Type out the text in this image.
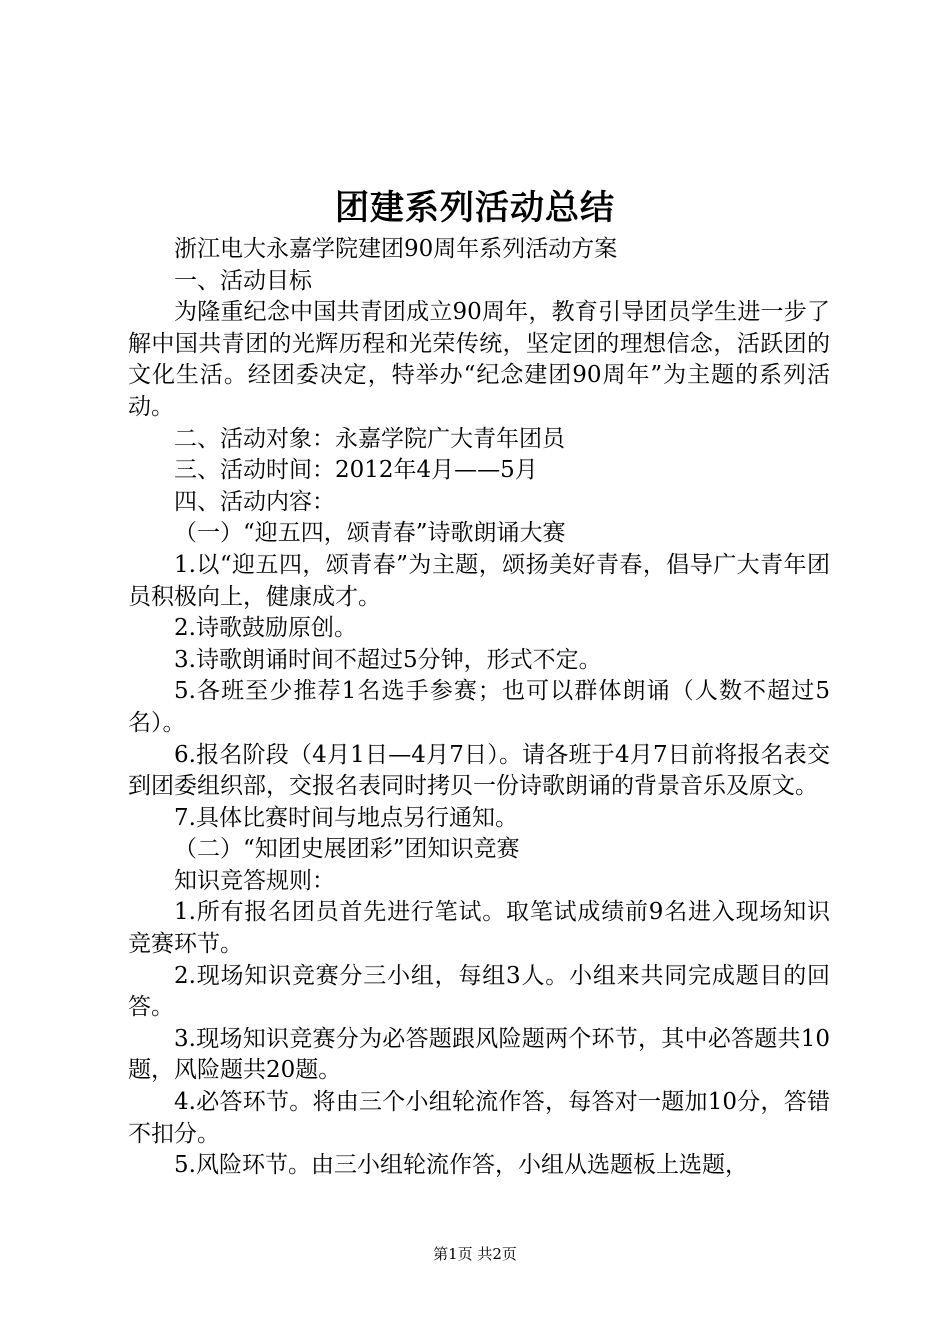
团建系列活动总结

浙江电大永嘉学院建团90周年系列活动方案

一、活动目标

为隆重纪念中国共青团成立90周年，教育引导团员学生进一步了解中国共青团的光辉历程和光荣传统，坚定团的理想信念，活跃团的文化生活。经团委决定，特举办“纪念建团90周年”为主题的系列活动。

二、活动对象：永嘉学院广大青年团员

三、活动时间：2012年4月——5月

四、活动内容：

（一）“迎五四，颂青春”诗歌朗诵大赛

1.以“迎五四，颂青春”为主题，颂扬美好青春，倡导广大青年团员积极向上，健康成才。

2.诗歌鼓励原创。

3.诗歌朗诵时间不超过5分钟，形式不定。

5.各班至少推荐1名选手参赛；也可以群体朗诵（人数不超过5名）。

6.报名阶段（4月1日—4月7日）。请各班于4月7日前将报名表交到团委组织部，交报名表同时拷贝一份诗歌朗诵的背景音乐及原文。

7.具体比赛时间与地点另行通知。

（二）“知团史展团彩”团知识竞赛

知识竞答规则：

1.所有报名团员首先进行笔试。取笔试成绩前9名进入现场知识竞赛环节。

2.现场知识竞赛分三小组，每组3人。小组来共同完成题目的回答。

3.现场知识竞赛分为必答题跟风险题两个环节，其中必答题共10题，风险题共20题。

4.必答环节。将由三个小组轮流作答，每答对一题加10分，答错不扣分。

5.风险环节。由三小组轮流作答，小组从选题板上选题，

第1页 共2页
